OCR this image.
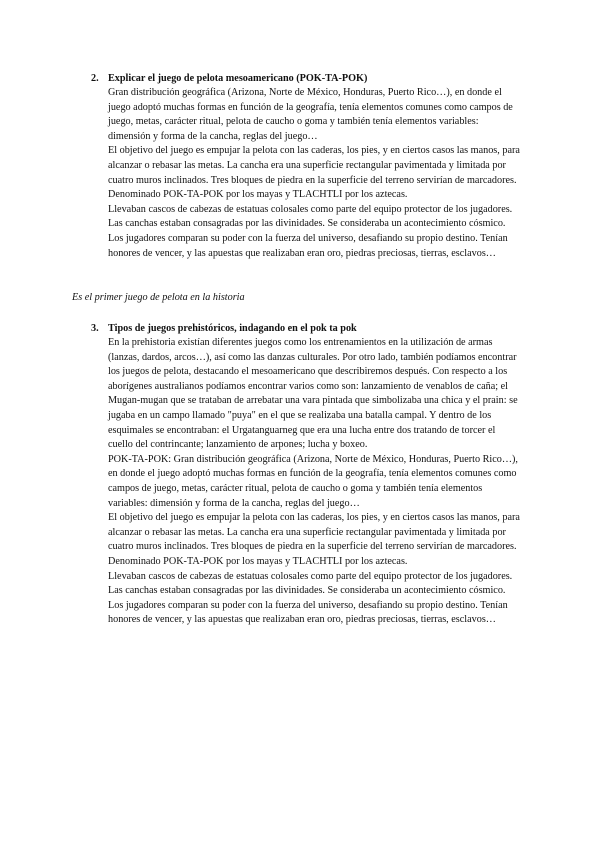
2. Explicar el juego de pelota mesoamericano (POK-TA-POK)

Gran distribución geográfica (Arizona, Norte de México, Honduras, Puerto Rico…), en donde el juego adoptó muchas formas en función de la geografía, tenía elementos comunes como campos de juego, metas, carácter ritual, pelota de caucho o goma y también tenía elementos variables: dimensión y forma de la cancha, reglas del juego…

El objetivo del juego es empujar la pelota con las caderas, los pies, y en ciertos casos las manos, para alcanzar o rebasar las metas. La cancha era una superficie rectangular pavimentada y limitada por cuatro muros inclinados. Tres bloques de piedra en la superficie del terreno servirían de marcadores.

Denominado POK-TA-POK por los mayas y TLACHTLI por los aztecas.

Llevaban cascos de cabezas de estatuas colosales como parte del equipo protector de los jugadores. Las canchas estaban consagradas por las divinidades. Se consideraba un acontecimiento cósmico. Los jugadores comparan su poder con la fuerza del universo, desafiando su propio destino. Tenían honores de vencer, y las apuestas que realizaban eran oro, piedras preciosas, tierras, esclavos…

Es el primer juego de pelota en la historia
3. Tipos de juegos prehistóricos, indagando en el pok ta pok

En la prehistoria existían diferentes juegos como los entrenamientos en la utilización de armas (lanzas, dardos, arcos…), así como las danzas culturales. Por otro lado, también podíamos encontrar los juegos de pelota, destacando el mesoamericano que describiremos después. Con respecto a los aborígenes australianos podíamos encontrar varios como son: lanzamiento de venablos de caña; el Mugan-mugan que se trataban de arrebatar una vara pintada que simbolizaba una chica y el prain: se jugaba en un campo llamado "puya" en el que se realizaba una batalla campal. Y dentro de los esquimales se encontraban: el Urgatanguarneg que era una lucha entre dos tratando de torcer el cuello del contrincante; lanzamiento de arpones; lucha y boxeo.

POK-TA-POK: Gran distribución geográfica (Arizona, Norte de México, Honduras, Puerto Rico…), en donde el juego adoptó muchas formas en función de la geografía, tenía elementos comunes como campos de juego, metas, carácter ritual, pelota de caucho o goma y también tenía elementos variables: dimensión y forma de la cancha, reglas del juego…

El objetivo del juego es empujar la pelota con las caderas, los pies, y en ciertos casos las manos, para alcanzar o rebasar las metas. La cancha era una superficie rectangular pavimentada y limitada por cuatro muros inclinados. Tres bloques de piedra en la superficie del terreno servirían de marcadores.

Denominado POK-TA-POK por los mayas y TLACHTLI por los aztecas.

Llevaban cascos de cabezas de estatuas colosales como parte del equipo protector de los jugadores. Las canchas estaban consagradas por las divinidades. Se consideraba un acontecimiento cósmico. Los jugadores comparan su poder con la fuerza del universo, desafiando su propio destino. Tenían honores de vencer, y las apuestas que realizaban eran oro, piedras preciosas, tierras, esclavos…
